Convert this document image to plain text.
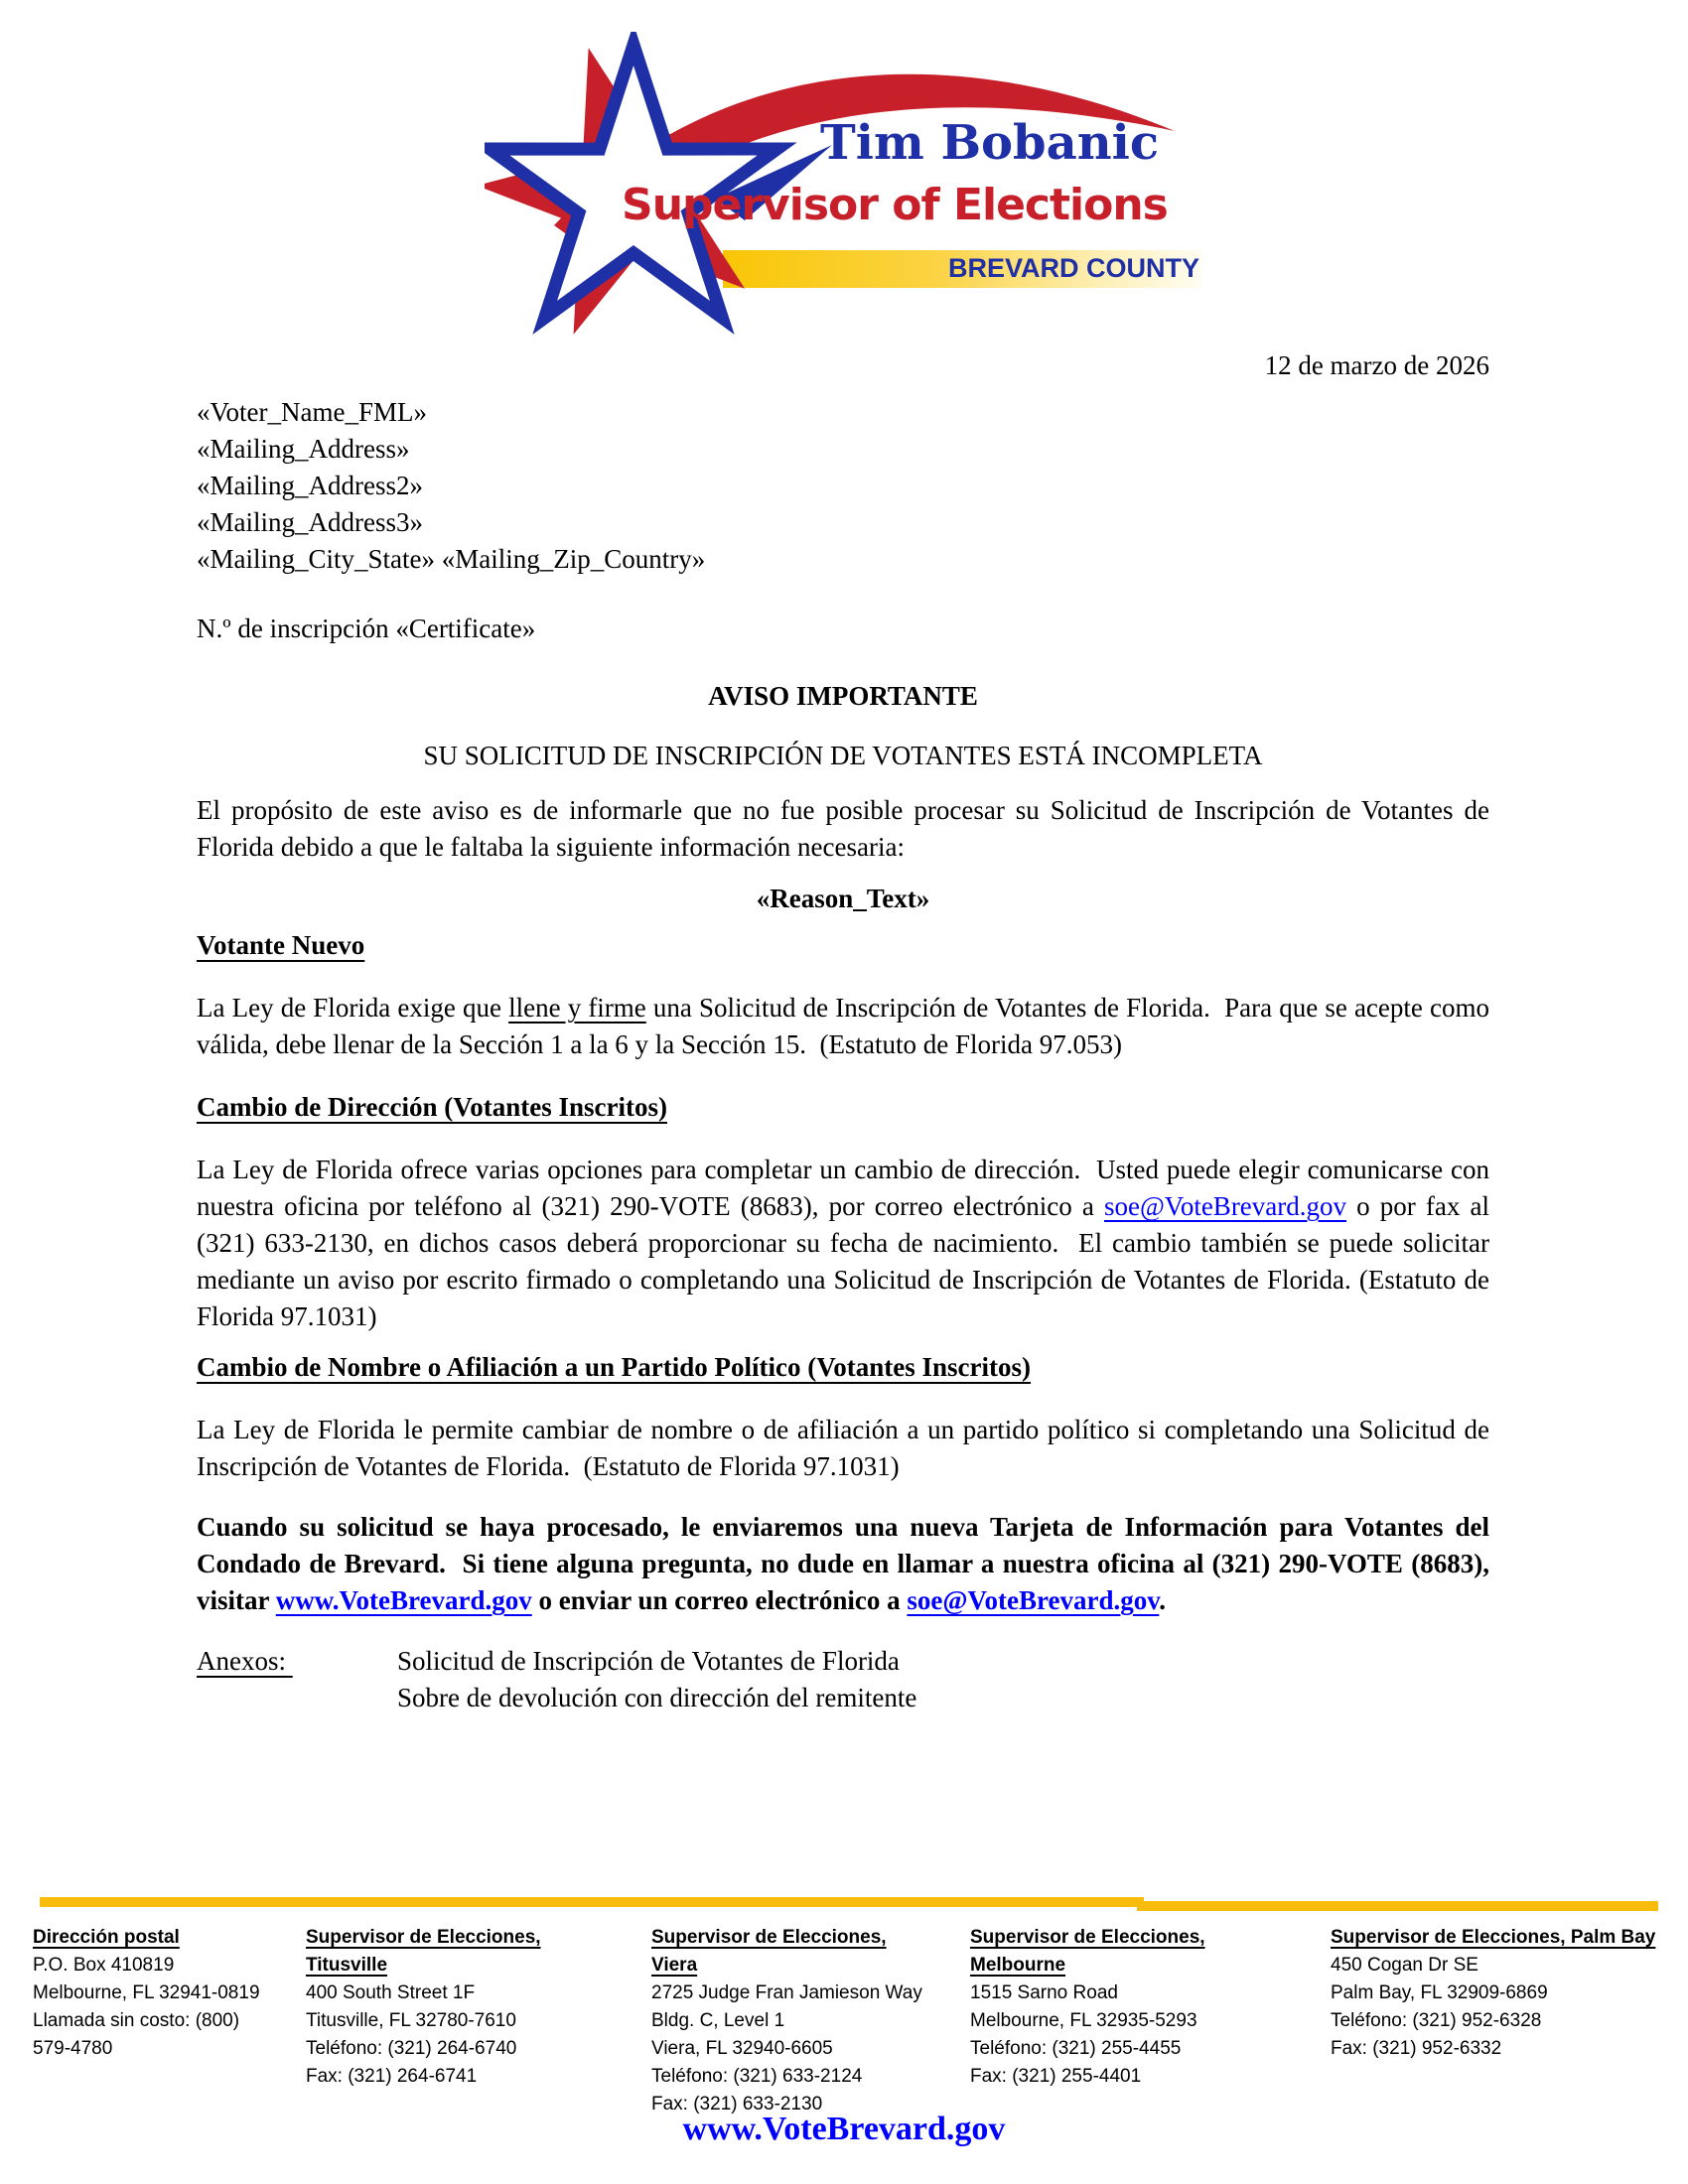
Tim Bobanic
Supervisor of Elections
BREVARD COUNTY
12 de marzo de 2026
«Voter_Name_FML»
«Mailing_Address»
«Mailing_Address2»
«Mailing_Address3»
«Mailing_City_State» «Mailing_Zip_Country»
N.º de inscripción «Certificate»
AVISO IMPORTANTE
SU SOLICITUD DE INSCRIPCIÓN DE VOTANTES ESTÁ INCOMPLETA
El propósito de este aviso es de informarle que no fue posible procesar su Solicitud de Inscripción de Votantes de Florida debido a que le faltaba la siguiente información necesaria:
«Reason_Text»
Votante Nuevo
La Ley de Florida exige que llene y firme una Solicitud de Inscripción de Votantes de Florida.  Para que se acepte como válida, debe llenar de la Sección 1 a la 6 y la Sección 15.  (Estatuto de Florida 97.053)
Cambio de Dirección (Votantes Inscritos)
La Ley de Florida ofrece varias opciones para completar un cambio de dirección.  Usted puede elegir comunicarse con nuestra oficina por teléfono al (321) 290-VOTE (8683), por correo electrónico a soe@VoteBrevard.gov o por fax al (321) 633-2130, en dichos casos deberá proporcionar su fecha de nacimiento.  El cambio también se puede solicitar mediante un aviso por escrito firmado o completando una Solicitud de Inscripción de Votantes de Florida. (Estatuto de Florida 97.1031)
Cambio de Nombre o Afiliación a un Partido Político (Votantes Inscritos)
La Ley de Florida le permite cambiar de nombre o de afiliación a un partido político si completando una Solicitud de Inscripción de Votantes de Florida.  (Estatuto de Florida 97.1031)
Cuando su solicitud se haya procesado, le enviaremos una nueva Tarjeta de Información para Votantes del Condado de Brevard.  Si tiene alguna pregunta, no dude en llamar a nuestra oficina al (321) 290-VOTE (8683), visitar www.VoteBrevard.gov o enviar un correo electrónico a soe@VoteBrevard.gov.
Anexos:	Solicitud de Inscripción de Votantes de Florida
Sobre de devolución con dirección del remitente
Dirección postal
P.O. Box 410819
Melbourne, FL 32941-0819
Llamada sin costo: (800)
579-4780
Supervisor de Elecciones,
Titusville
400 South Street 1F
Titusville, FL 32780-7610
Teléfono: (321) 264-6740
Fax: (321) 264-6741
Supervisor de Elecciones,
Viera
2725 Judge Fran Jamieson Way
Bldg. C, Level 1
Viera, FL 32940-6605
Teléfono: (321) 633-2124
Fax: (321) 633-2130
Supervisor de Elecciones,
Melbourne
1515 Sarno Road
Melbourne, FL 32935-5293
Teléfono: (321) 255-4455
Fax: (321) 255-4401
Supervisor de Elecciones, Palm Bay
450 Cogan Dr SE
Palm Bay, FL 32909-6869
Teléfono: (321) 952-6328
Fax: (321) 952-6332
www.VoteBrevard.gov
